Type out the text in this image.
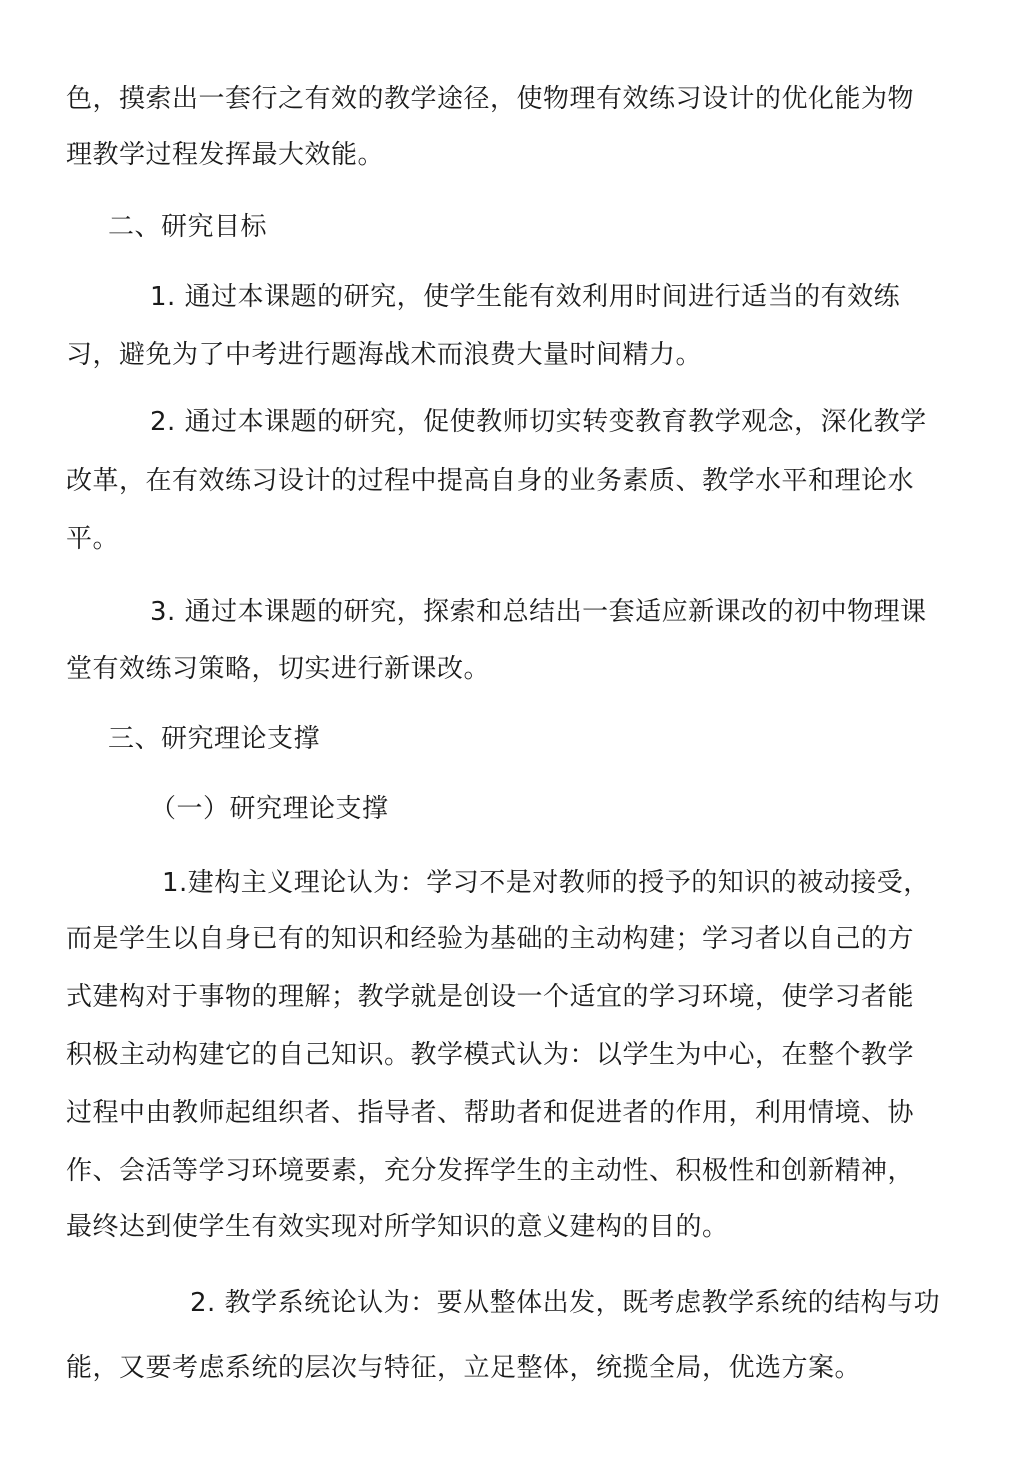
色，摸索出一套行之有效的教学途径，使物理有效练习设计的优化能为物
理教学过程发挥最大效能。
二、研究目标
1. 通过本课题的研究，使学生能有效利用时间进行适当的有效练
习，避免为了中考进行题海战术而浪费大量时间精力。
2. 通过本课题的研究，促使教师切实转变教育教学观念，深化教学
改革，在有效练习设计的过程中提高自身的业务素质、教学水平和理论水
平。
3. 通过本课题的研究，探索和总结出一套适应新课改的初中物理课
堂有效练习策略，切实进行新课改。
三、研究理论支撑
（一）研究理论支撑
1.建构主义理论认为：学习不是对教师的授予的知识的被动接受，
而是学生以自身已有的知识和经验为基础的主动构建；学习者以自己的方
式建构对于事物的理解；教学就是创设一个适宜的学习环境，使学习者能
积极主动构建它的自己知识。教学模式认为：以学生为中心，在整个教学
过程中由教师起组织者、指导者、帮助者和促进者的作用，利用情境、协
作、会活等学习环境要素，充分发挥学生的主动性、积极性和创新精神，
最终达到使学生有效实现对所学知识的意义建构的目的。
2. 教学系统论认为：要从整体出发，既考虑教学系统的结构与功
能，又要考虑系统的层次与特征，立足整体，统揽全局，优选方案。
